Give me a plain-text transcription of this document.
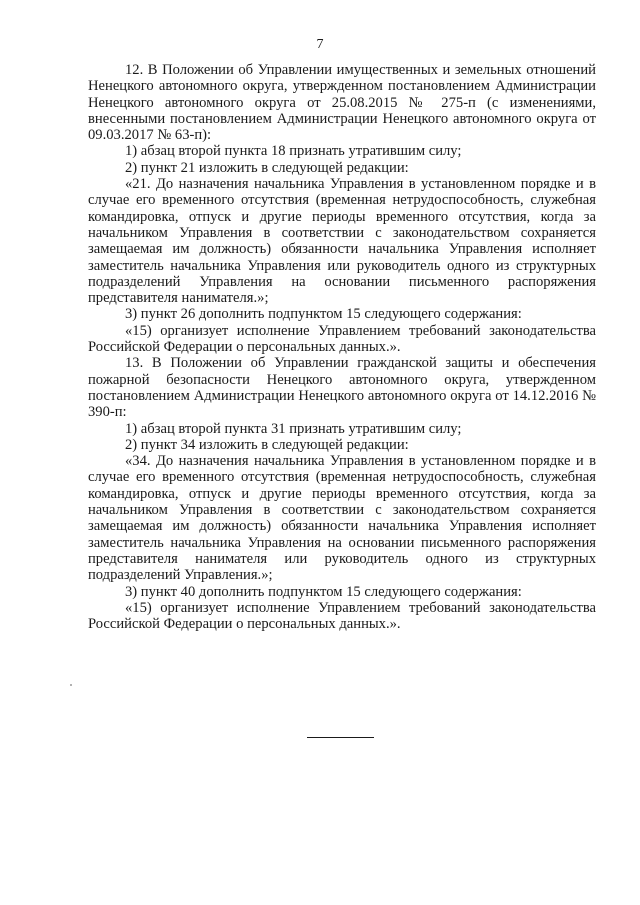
7

12. В Положении об Управлении имущественных и земельных отношений Ненецкого автономного округа, утвержденном постановлением Администрации Ненецкого автономного округа от 25.08.2015 № 275-п (с изменениями, внесенными постановлением Администрации Ненецкого автономного округа от 09.03.2017 № 63-п):

1) абзац второй пункта 18 признать утратившим силу;

2) пункт 21 изложить в следующей редакции:

«21. До назначения начальника Управления в установленном порядке и в случае его временного отсутствия (временная нетрудоспособность, служебная командировка, отпуск и другие периоды временного отсутствия, когда за начальником Управления в соответствии с законодательством сохраняется замещаемая им должность) обязанности начальника Управления исполняет заместитель начальника Управления или руководитель одного из структурных подразделений Управления на основании письменного распоряжения представителя нанимателя.»;

3) пункт 26 дополнить подпунктом 15 следующего содержания:

«15) организует исполнение Управлением требований законодательства Российской Федерации о персональных данных.».

13. В Положении об Управлении гражданской защиты и обеспечения пожарной безопасности Ненецкого автономного округа, утвержденном постановлением Администрации Ненецкого автономного округа от 14.12.2016 № 390-п:

1) абзац второй пункта 31 признать утратившим силу;

2) пункт 34 изложить в следующей редакции:

«34. До назначения начальника Управления в установленном порядке и в случае его временного отсутствия (временная нетрудоспособность, служебная командировка, отпуск и другие периоды временного отсутствия, когда за начальником Управления в соответствии с законодательством сохраняется замещаемая им должность) обязанности начальника Управления исполняет заместитель начальника Управления на основании письменного распоряжения представителя нанимателя или руководитель одного из структурных подразделений Управления.»;

3) пункт 40 дополнить подпунктом 15 следующего содержания:

«15) организует исполнение Управлением требований законодательства Российской Федерации о персональных данных.».
